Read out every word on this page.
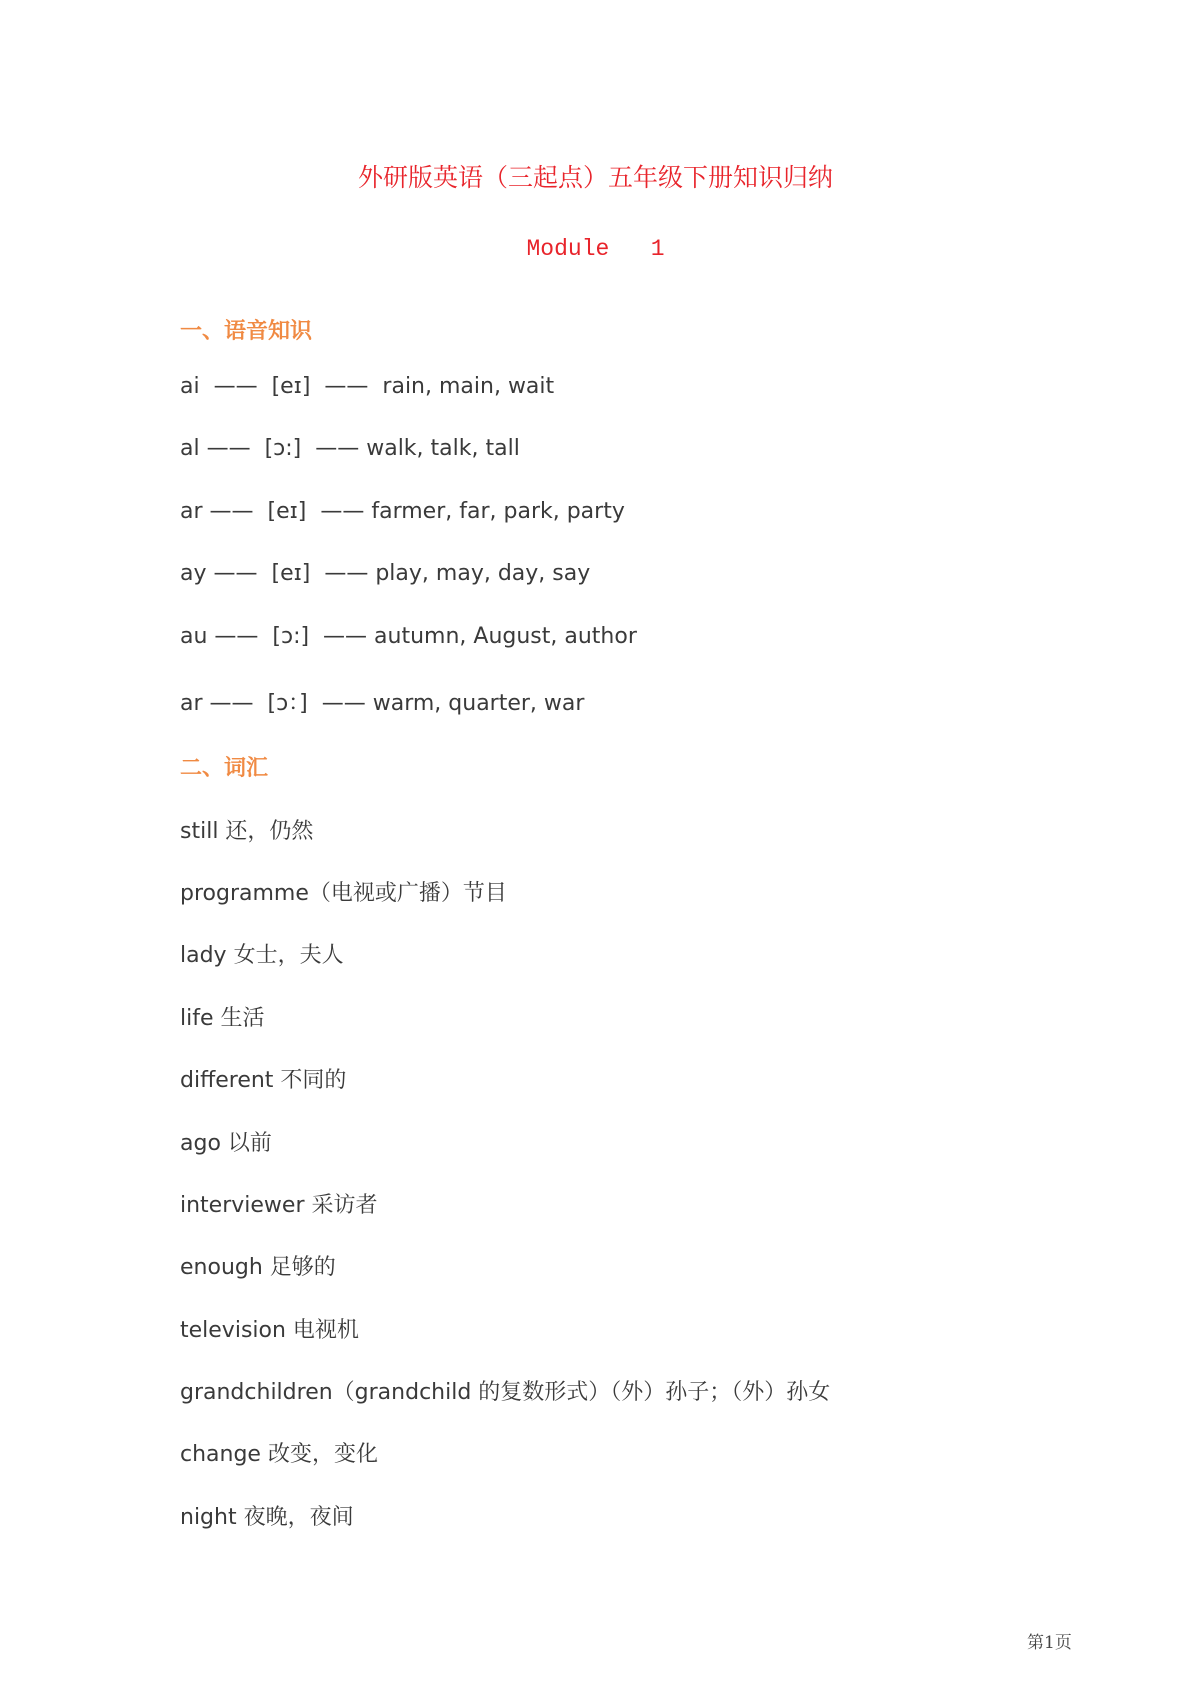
外研版英语（三起点）五年级下册知识归纳
Module   1
一、语音知识
ai  ——  [eɪ]  ——  rain, main, wait
al ——  [ɔ:]  —— walk, talk, tall
ar ——  [eɪ]  —— farmer, far, park, party
ay ——  [eɪ]  —— play, may, day, say
au ——  [ɔ:]  —— autumn, August, author
ar ——  [ɔ：]  —— warm, quarter, war
二、词汇
still 还，仍然
programme（电视或广播）节目
lady 女士，夫人
life 生活
different 不同的
ago 以前
interviewer 采访者
enough 足够的
television 电视机
grandchildren（grandchild 的复数形式）（外）孙子；（外）孙女
change 改变，变化
night 夜晚，夜间
第1页
